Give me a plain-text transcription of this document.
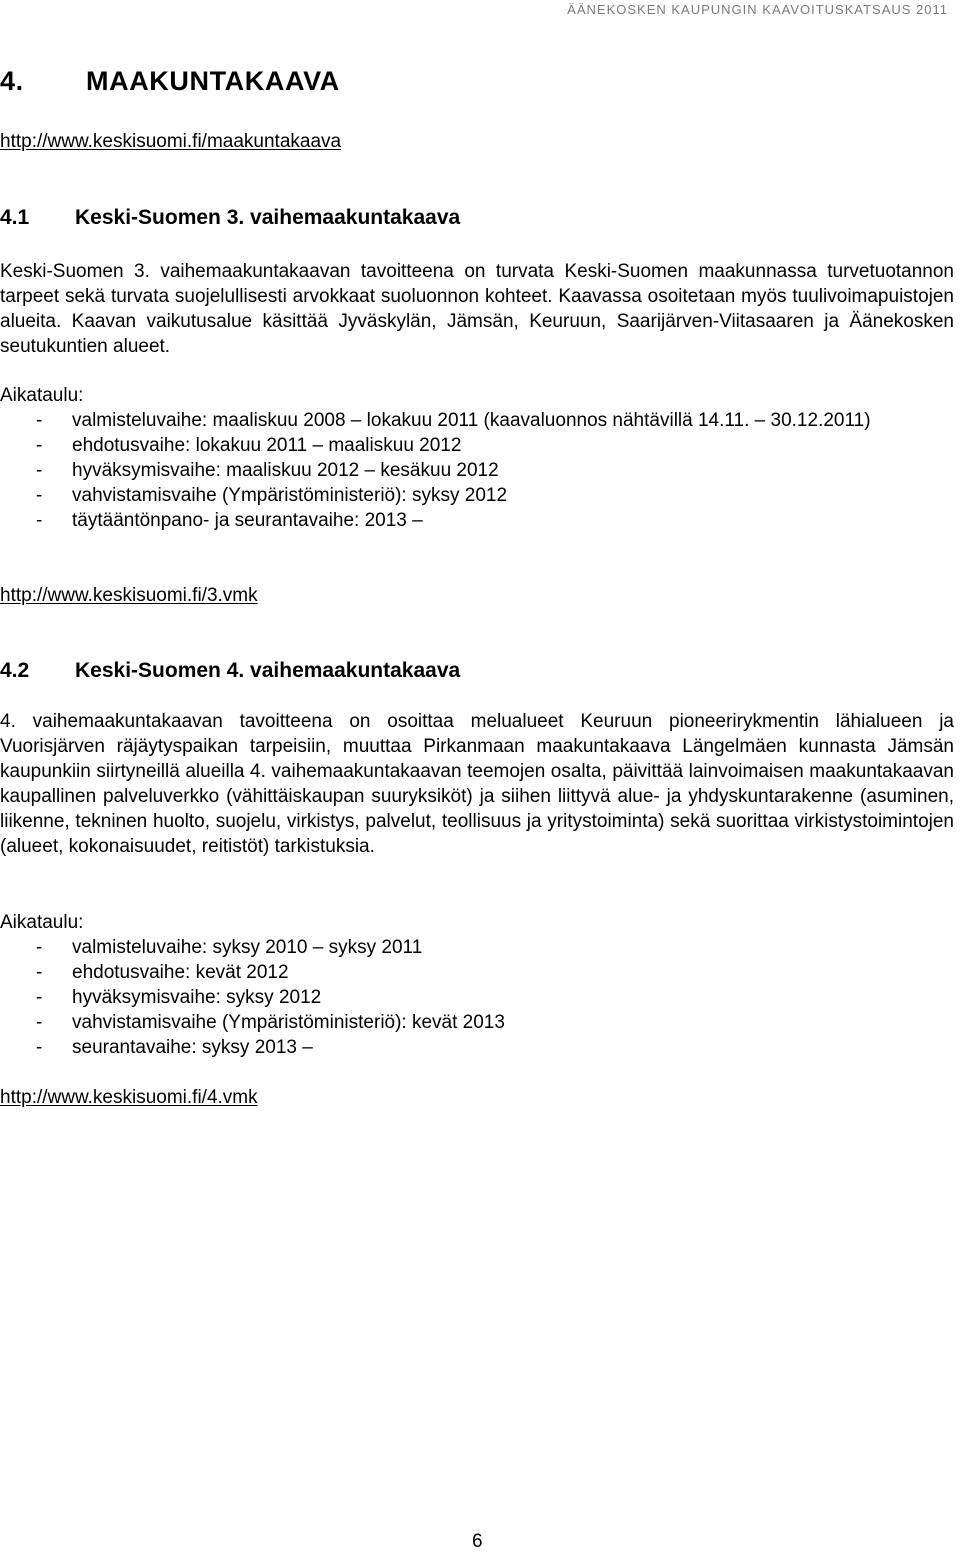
ÄÄNEKOSKEN KAUPUNGIN KAAVOITUSKATSAUS 2011
4. MAAKUNTAKAAVA
http://www.keskisuomi.fi/maakuntakaava
4.1 Keski-Suomen 3. vaihemaakuntakaava

Keski-Suomen 3. vaihemaakuntakaavan tavoitteena on turvata Keski-Suomen maakunnassa turvetuotannon tarpeet sekä turvata suojelullisesti arvokkaat suoluonnon kohteet. Kaavassa osoitetaan myös tuulivoimapuistojen alueita. Kaavan vaikutusalue käsittää Jyväskylän, Jämsän, Keuruun, Saarijärven-Viitasaaren ja Äänekosken seutukuntien alueet.

Aikataulu:
- valmisteluvaihe: maaliskuu 2008 – lokakuu 2011 (kaavaluonnos nähtävillä 14.11. – 30.12.2011)
- ehdotusvaihe: lokakuu 2011 – maaliskuu 2012
- hyväksymisvaihe: maaliskuu 2012 – kesäkuu 2012
- vahvistamisvaihe (Ympäristöministeriö): syksy 2012
- täytääntönpano- ja seurantavaihe: 2013 –
http://www.keskisuomi.fi/3.vmk
4.2 Keski-Suomen 4. vaihemaakuntakaava

4. vaihemaakuntakaavan tavoitteena on osoittaa melualueet Keuruun pioneerirykmentin lähialueen ja Vuorisjärven räjäytyspaikan tarpeisiin, muuttaa Pirkanmaan maakuntakaava Längelmäen kunnasta Jämsän kaupunkiin siirtyneillä alueilla 4. vaihemaakuntakaavan teemojen osalta, päivittää lainvoimaisen maakuntakaavan kaupallinen palveluverkko (vähittäiskaupan suuryksiköt) ja siihen liittyvä alue- ja yhdyskuntarakenne (asuminen, liikenne, tekninen huolto, suojelu, virkistys, palvelut, teollisuus ja yritystoiminta) sekä suorittaa virkistystoimintojen (alueet, kokonaisuudet, reitistöt) tarkistuksia.

Aikataulu:
- valmisteluvaihe: syksy 2010 – syksy 2011
- ehdotusvaihe: kevät 2012
- hyväksymisvaihe: syksy 2012
- vahvistamisvaihe (Ympäristöministeriö): kevät 2013
- seurantavaihe: syksy 2013 –
http://www.keskisuomi.fi/4.vmk
6
